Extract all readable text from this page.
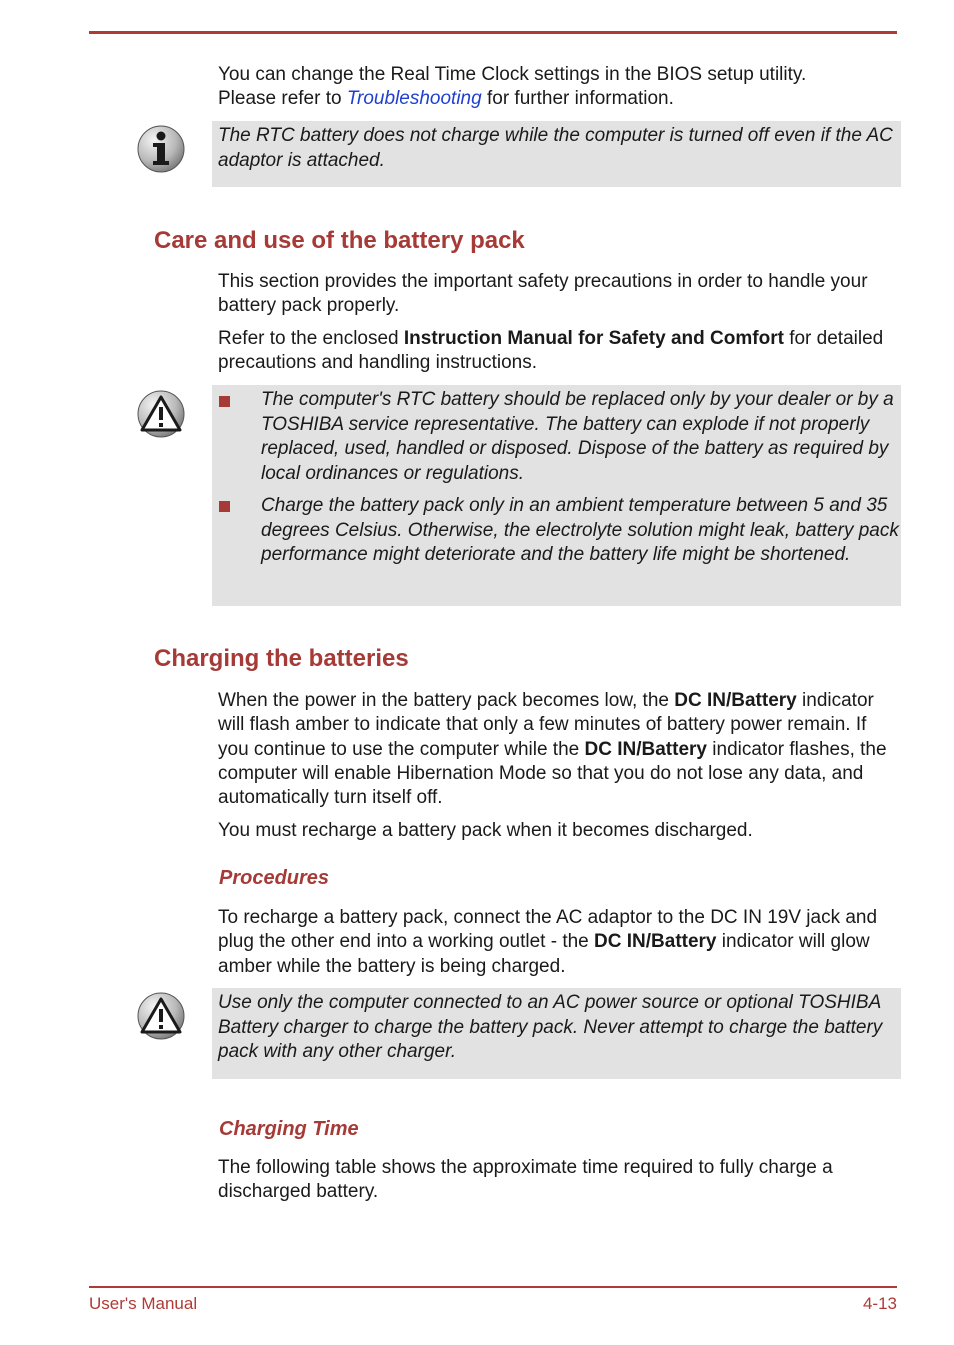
You can change the Real Time Clock settings in the BIOS setup utility.
Please refer to Troubleshooting for further information.
The RTC battery does not charge while the computer is turned off even if the AC adaptor is attached.
Care and use of the battery pack
This section provides the important safety precautions in order to handle your battery pack properly.
Refer to the enclosed Instruction Manual for Safety and Comfort for detailed precautions and handling instructions.
The computer's RTC battery should be replaced only by your dealer or by a TOSHIBA service representative. The battery can explode if not properly replaced, used, handled or disposed. Dispose of the battery as required by local ordinances or regulations.
Charge the battery pack only in an ambient temperature between 5 and 35 degrees Celsius. Otherwise, the electrolyte solution might leak, battery pack performance might deteriorate and the battery life might be shortened.
Charging the batteries
When the power in the battery pack becomes low, the DC IN/Battery indicator will flash amber to indicate that only a few minutes of battery power remain. If you continue to use the computer while the DC IN/Battery indicator flashes, the computer will enable Hibernation Mode so that you do not lose any data, and automatically turn itself off.
You must recharge a battery pack when it becomes discharged.
Procedures
To recharge a battery pack, connect the AC adaptor to the DC IN 19V jack and plug the other end into a working outlet - the DC IN/Battery indicator will glow amber while the battery is being charged.
Use only the computer connected to an AC power source or optional TOSHIBA Battery charger to charge the battery pack. Never attempt to charge the battery pack with any other charger.
Charging Time
The following table shows the approximate time required to fully charge a discharged battery.
User's Manual	4-13
